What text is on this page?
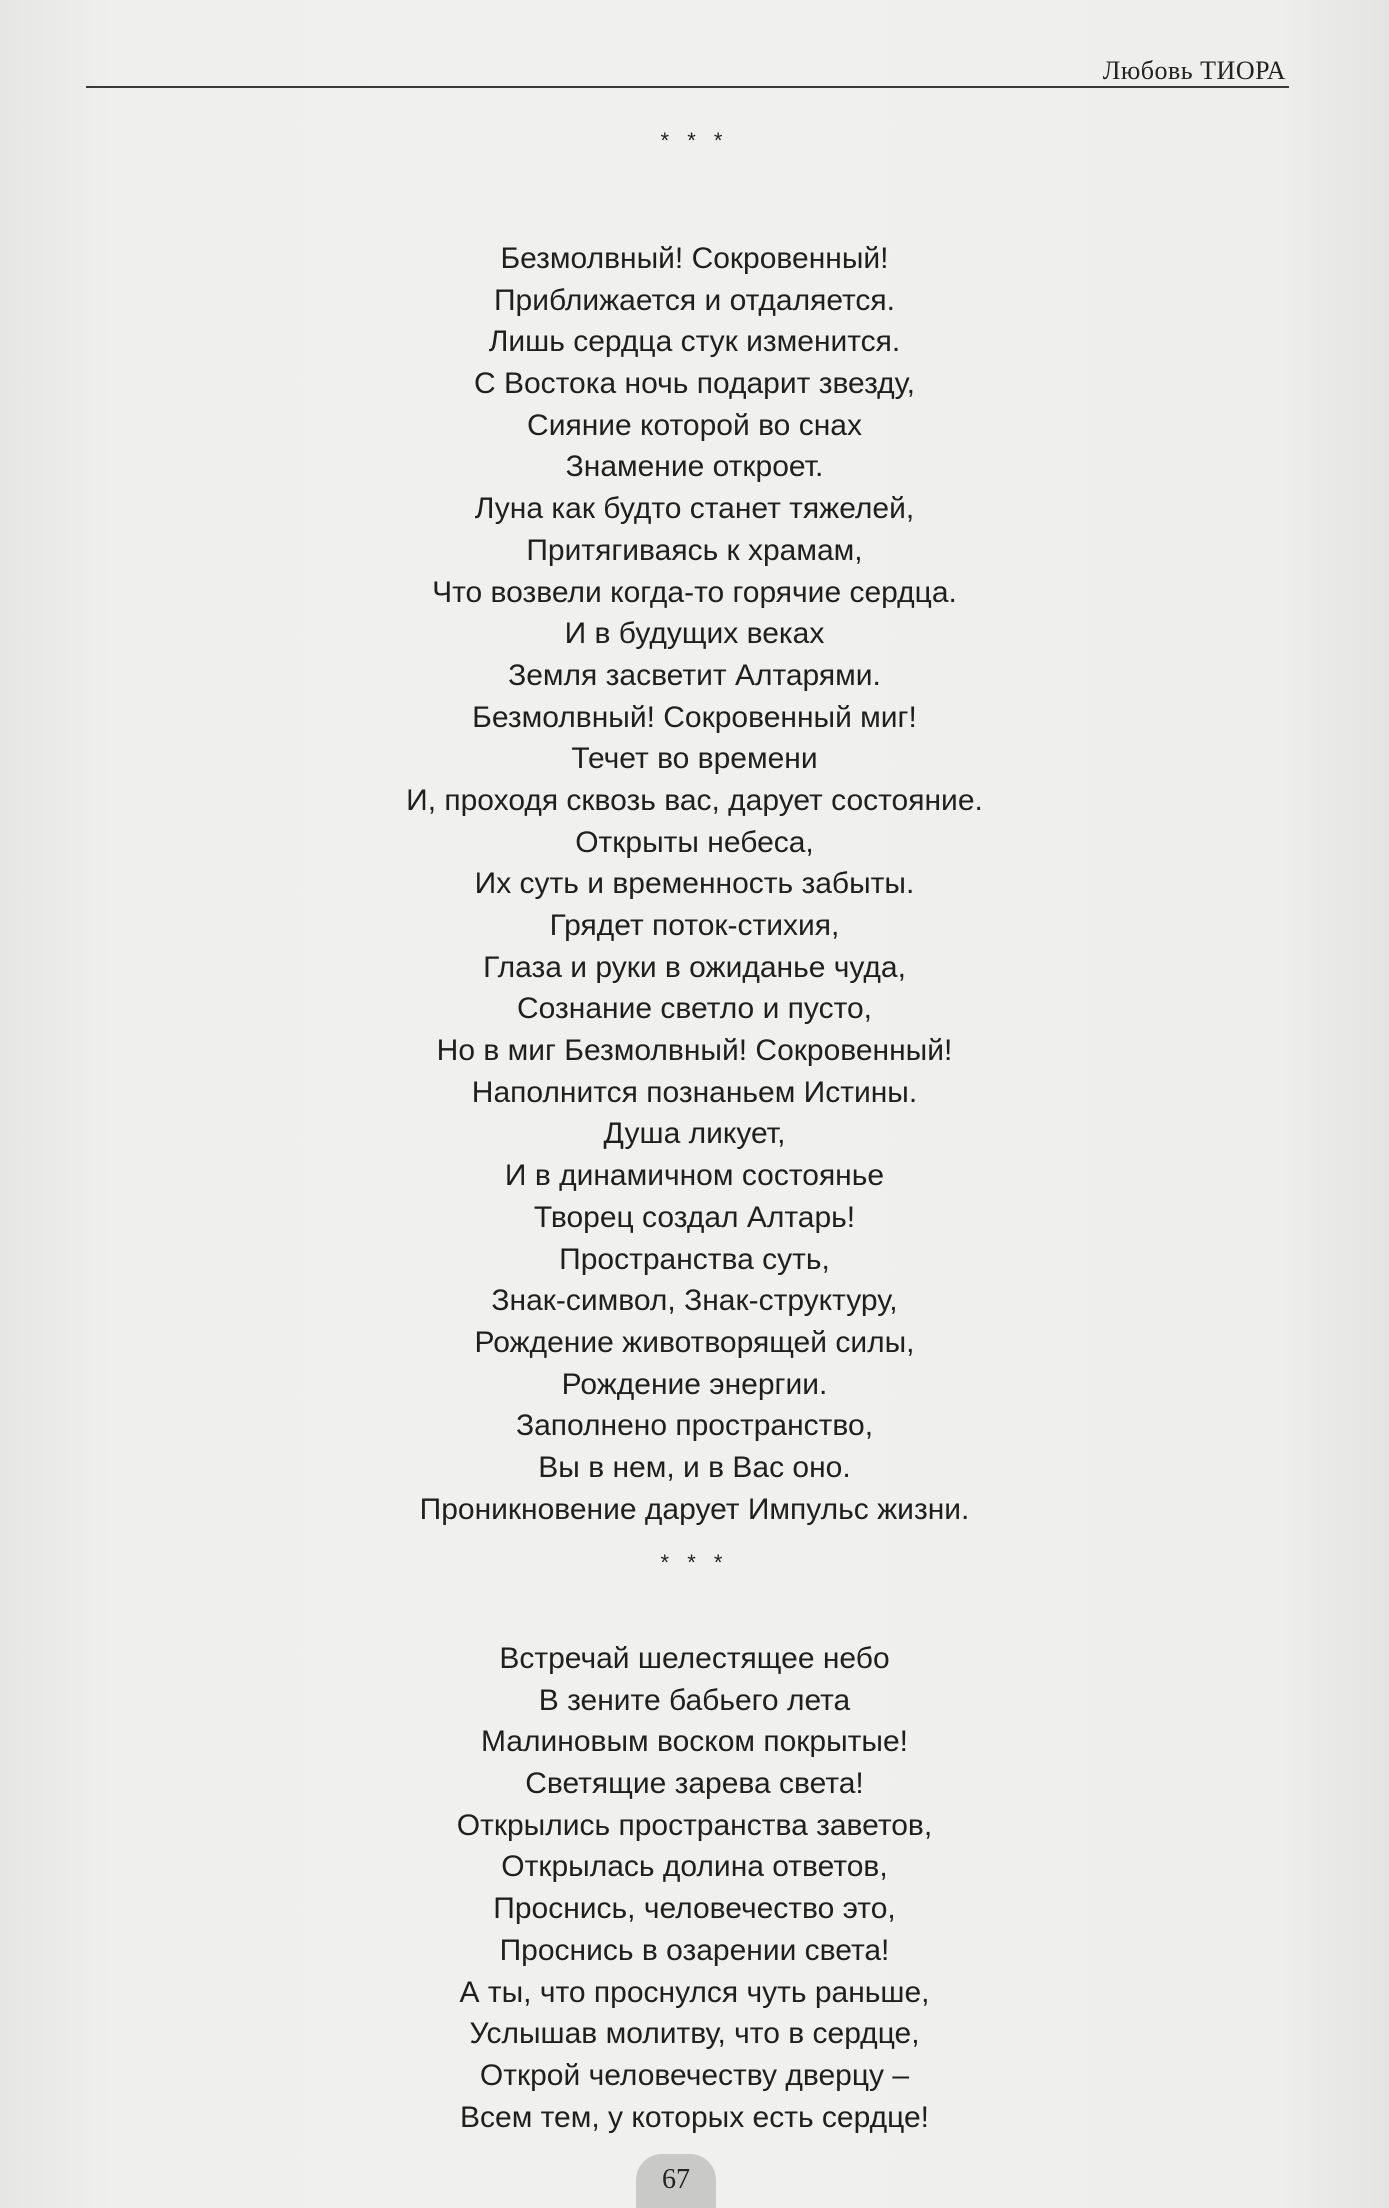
Любовь ТИОРА
* * *
Безмолвный! Сокровенный!
Приближается и отдаляется.
Лишь сердца стук изменится.
С Востока ночь подарит звезду,
Сияние которой во снах
Знамение откроет.
Луна как будто станет тяжелей,
Притягиваясь к храмам,
Что возвели когда-то горячие сердца.
И в будущих веках
Земля засветит Алтарями.
Безмолвный! Сокровенный миг!
Течет во времени
И, проходя сквозь вас, дарует состояние.
Открыты небеса,
Их суть и временность забыты.
Грядет поток-стихия,
Глаза и руки в ожиданье чуда,
Сознание светло и пусто,
Но в миг Безмолвный! Сокровенный!
Наполнится познаньем Истины.
Душа ликует,
И в динамичном состоянье
Творец создал Алтарь!
Пространства суть,
Знак-символ, Знак-структуру,
Рождение животворящей силы,
Рождение энергии.
Заполнено пространство,
Вы в нем, и в Вас оно.
Проникновение дарует Импульс жизни.
* * *
Встречай шелестящее небо
В зените бабьего лета
Малиновым воском покрытые!
Светящие зарева света!
Открылись пространства заветов,
Открылась долина ответов,
Проснись, человечество это,
Проснись в озарении света!
А ты, что проснулся чуть раньше,
Услышав молитву, что в сердце,
Открой человечеству дверцу –
Всем тем, у которых есть сердце!
67
